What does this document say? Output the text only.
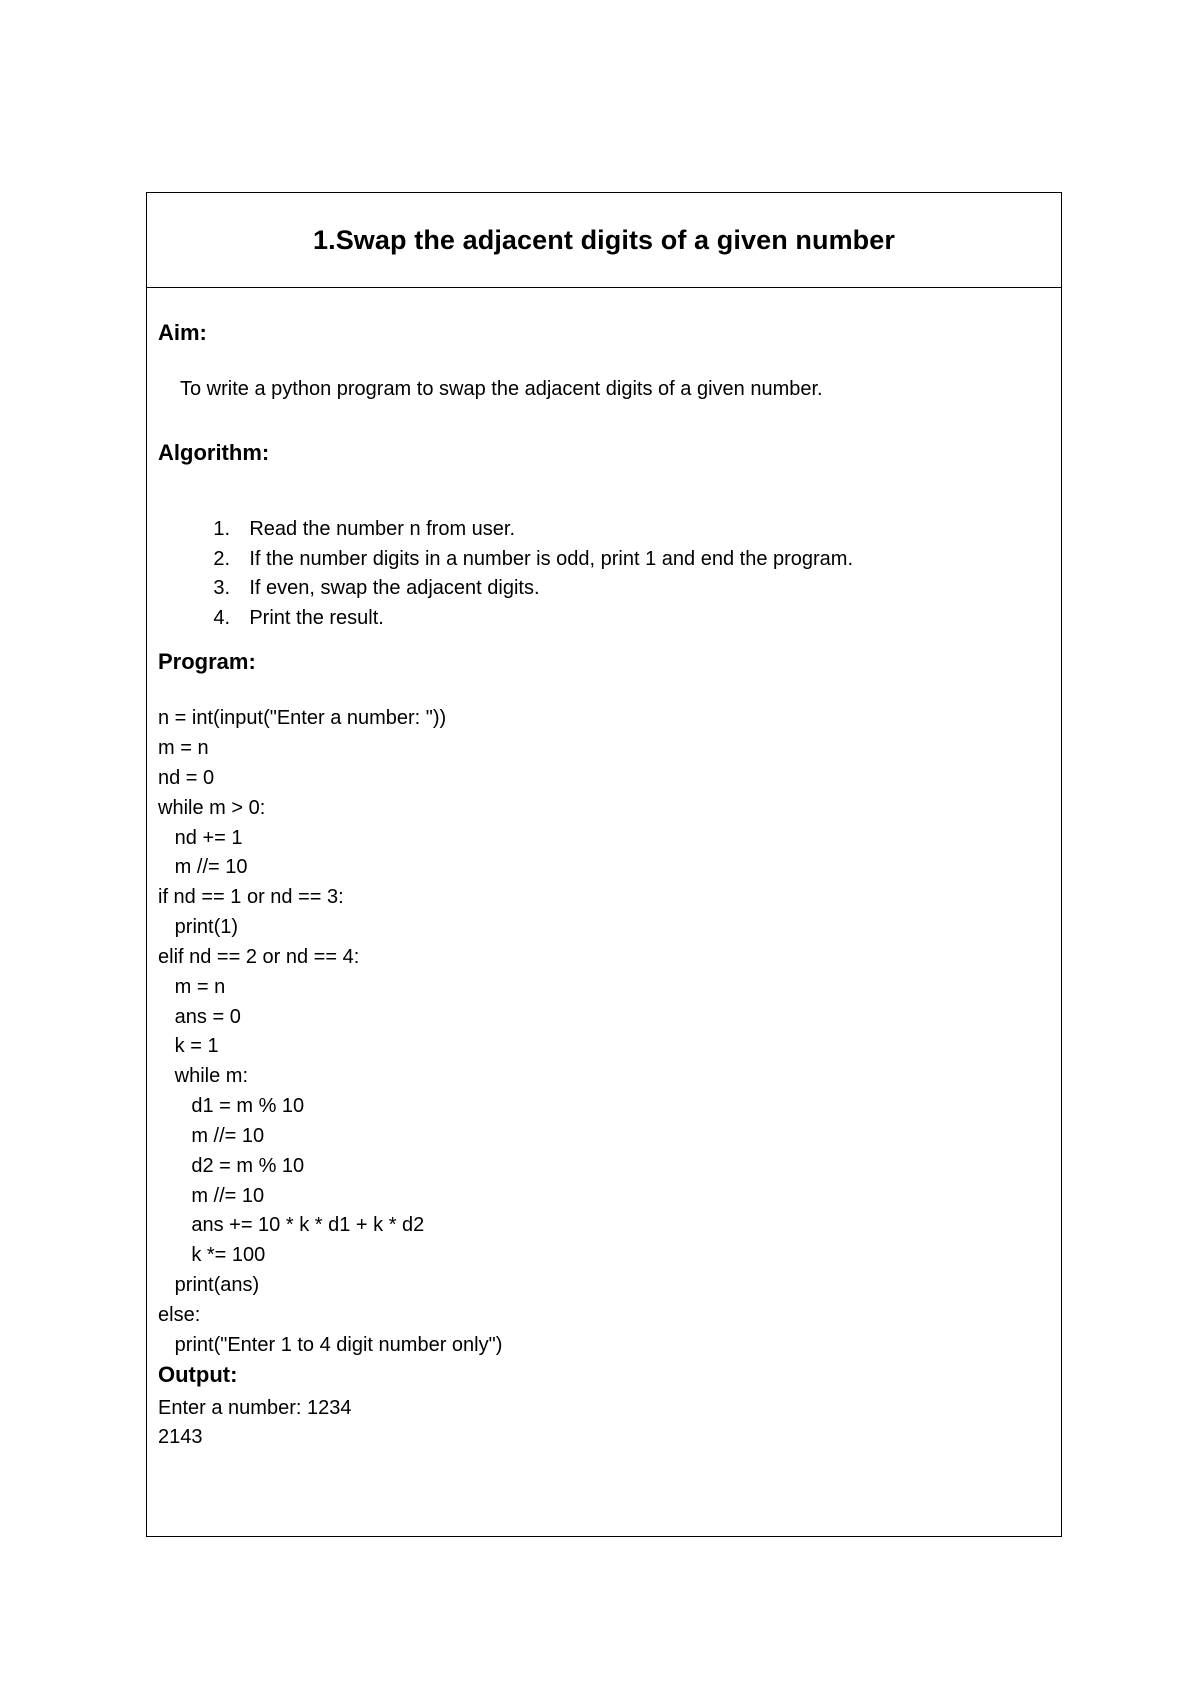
1.Swap the adjacent digits of a given number
Aim:
To write a python program to swap the adjacent digits of a given number.
Algorithm:

1. Read the number n from user.

2. If the number digits in a number is odd, print 1 and end the program.

3. If even, swap the adjacent digits.

4. Print the result.

Program:
n = int(input("Enter a number: "))
m = n
nd = 0
while m > 0:
nd += 1
m //= 10
if nd == 1 or nd == 3:
print(1)
elif nd == 2 or nd == 4:
m = n
ans = 0
k = 1
while m:
d1 = m % 10
m //= 10
d2 = m % 10
m //= 10
ans += 10 * k * d1 + k * d2
k *= 100
print(ans)
else:
print("Enter 1 to 4 digit number only")
Output:
Enter a number: 1234
2143
